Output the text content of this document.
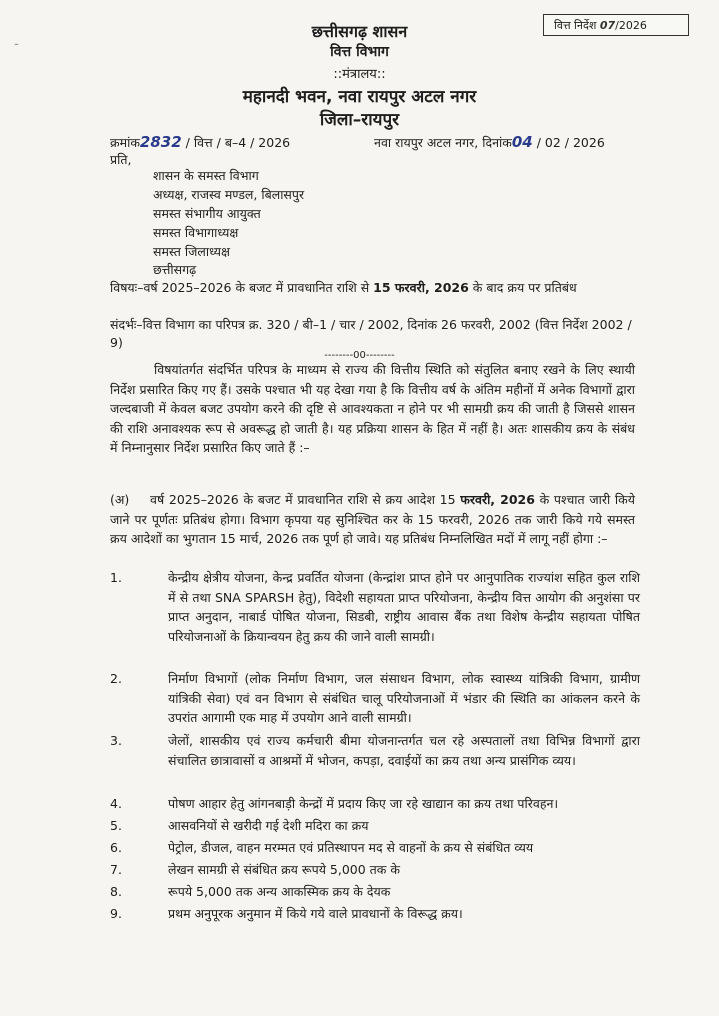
वित्त निर्देश 07/2026
छत्तीसगढ़ शासन
वित्त विभाग
::मंत्रालय::
महानदी भवन, नवा रायपुर अटल नगर
जिला–रायपुर
क्रमांक2832 / वित्त / ब–4 / 2026	नवा रायपुर अटल नगर, दिनांक04 / 02 / 2026
प्रति,
शासन के समस्त विभाग
अध्यक्ष, राजस्व मण्डल, बिलासपुर
समस्त संभागीय आयुक्त
समस्त विभागाध्यक्ष
समस्त जिलाध्यक्ष
छत्तीसगढ़
विषयः–वर्ष 2025–2026 के बजट में प्रावधानित राशि से 15 फरवरी, 2026 के बाद क्रय पर प्रतिबंध
संदर्भः–वित्त विभाग का परिपत्र क्र. 320 / बी–1 / चार / 2002, दिनांक 26 फरवरी, 2002 (वित्त निर्देश 2002 / 9)
--------00--------
विषयांतर्गत संदर्भित परिपत्र के माध्यम से राज्य की वित्तीय स्थिति को संतुलित बनाए रखने के लिए स्थायी निर्देश प्रसारित किए गए हैं। उसके पश्चात भी यह देखा गया है कि वित्तीय वर्ष के अंतिम महीनों में अनेक विभागों द्वारा जल्दबाजी में केवल बजट उपयोग करने की दृष्टि से आवश्यकता न होने पर भी सामग्री क्रय की जाती है जिससे शासन की राशि अनावश्यक रूप से अवरूद्ध हो जाती है। यह प्रक्रिया शासन के हित में नहीं है। अतः शासकीय क्रय के संबंध में निम्नानुसार निर्देश प्रसारित किए जाते हैं :–
(अ) वर्ष 2025–2026 के बजट में प्रावधानित राशि से क्रय आदेश 15 फरवरी, 2026 के पश्चात जारी किये जाने पर पूर्णतः प्रतिबंध होगा। विभाग कृपया यह सुनिश्चित कर के 15 फरवरी, 2026 तक जारी किये गये समस्त क्रय आदेशों का भुगतान 15 मार्च, 2026 तक पूर्ण हो जावे। यह प्रतिबंध निम्नलिखित मदों में लागू नहीं होगा :–
1.	केन्द्रीय क्षेत्रीय योजना, केन्द्र प्रवर्तित योजना (केन्द्रांश प्राप्त होने पर आनुपातिक राज्यांश सहित कुल राशि में से तथा SNA SPARSH हेतु), विदेशी सहायता प्राप्त परियोजना, केन्द्रीय वित्त आयोग की अनुशंसा पर प्राप्त अनुदान, नाबार्ड पोषित योजना, सिडबी, राष्ट्रीय आवास बैंक तथा विशेष केन्द्रीय सहायता पोषित परियोजनाओं के क्रियान्वयन हेतु क्रय की जाने वाली सामग्री।
2.	निर्माण विभागों (लोक निर्माण विभाग, जल संसाधन विभाग, लोक स्वास्थ्य यांत्रिकी विभाग, ग्रामीण यांत्रिकी सेवा) एवं वन विभाग से संबंधित चालू परियोजनाओं में भंडार की स्थिति का आंकलन करने के उपरांत आगामी एक माह में उपयोग आने वाली सामग्री।
3.	जेलों, शासकीय एवं राज्य कर्मचारी बीमा योजनान्तर्गत चल रहे अस्पतालों तथा विभिन्न विभागों द्वारा संचालित छात्रावासों व आश्रमों में भोजन, कपड़ा, दवाईयों का क्रय तथा अन्य प्रासंगिक व्यय।
4.	पोषण आहार हेतु आंगनबाड़ी केन्द्रों में प्रदाय किए जा रहे खाद्यान का क्रय तथा परिवहन।
5.	आसवनियों से खरीदी गई देशी मदिरा का क्रय
6.	पेट्रोल, डीजल, वाहन मरम्मत एवं प्रतिस्थापन मद से वाहनों के क्रय से संबंधित व्यय
7.	लेखन सामग्री से संबंधित क्रय रूपये 5,000 तक के
8.	रूपये 5,000 तक अन्य आकस्मिक क्रय के देयक
9.	प्रथम अनुपूरक अनुमान में किये गये वाले प्रावधानों के विरूद्ध क्रय।
˗
